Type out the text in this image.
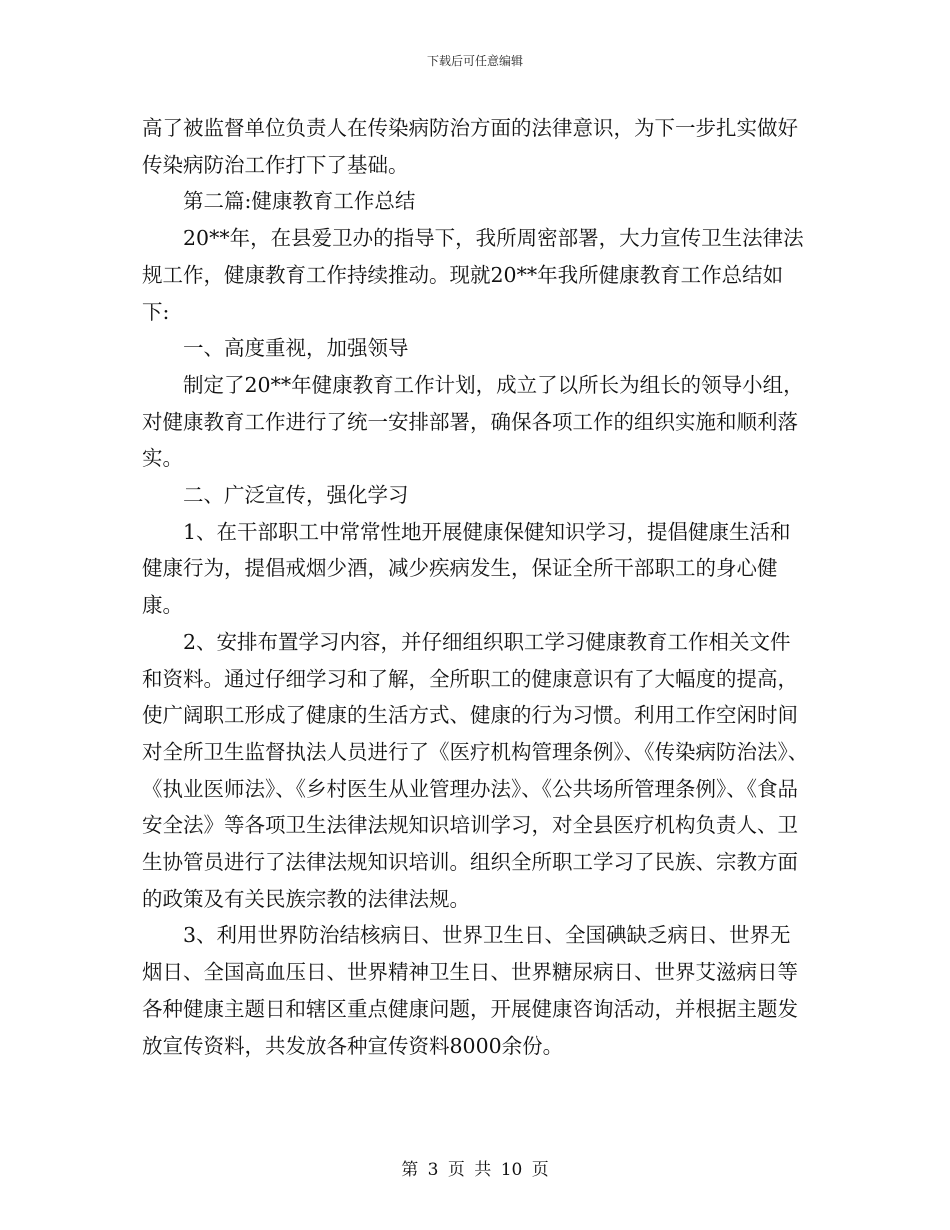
下载后可任意编辑

高了被监督单位负责人在传染病防治方面的法律意识，为下一步扎实做好传染病防治工作打下了基础。

第二篇:健康教育工作总结

20**年，在县爱卫办的指导下，我所周密部署，大力宣传卫生法律法规工作，健康教育工作持续推动。现就20**年我所健康教育工作总结如下:

一、高度重视，加强领导

制定了20**年健康教育工作计划，成立了以所长为组长的领导小组，对健康教育工作进行了统一安排部署，确保各项工作的组织实施和顺利落实。

二、广泛宣传，强化学习

1、在干部职工中常常性地开展健康保健知识学习，提倡健康生活和健康行为，提倡戒烟少酒，减少疾病发生，保证全所干部职工的身心健康。

2、安排布置学习内容，并仔细组织职工学习健康教育工作相关文件和资料。通过仔细学习和了解，全所职工的健康意识有了大幅度的提高，使广阔职工形成了健康的生活方式、健康的行为习惯。利用工作空闲时间对全所卫生监督执法人员进行了《医疗机构管理条例》、《传染病防治法》、《执业医师法》、《乡村医生从业管理办法》、《公共场所管理条例》、《食品安全法》等各项卫生法律法规知识培训学习，对全县医疗机构负责人、卫生协管员进行了法律法规知识培训。组织全所职工学习了民族、宗教方面的政策及有关民族宗教的法律法规。

3、利用世界防治结核病日、世界卫生日、全国碘缺乏病日、世界无烟日、全国高血压日、世界精神卫生日、世界糖尿病日、世界艾滋病日等各种健康主题日和辖区重点健康问题，开展健康咨询活动，并根据主题发放宣传资料，共发放各种宣传资料8000余份。

第 3 页 共 10 页
